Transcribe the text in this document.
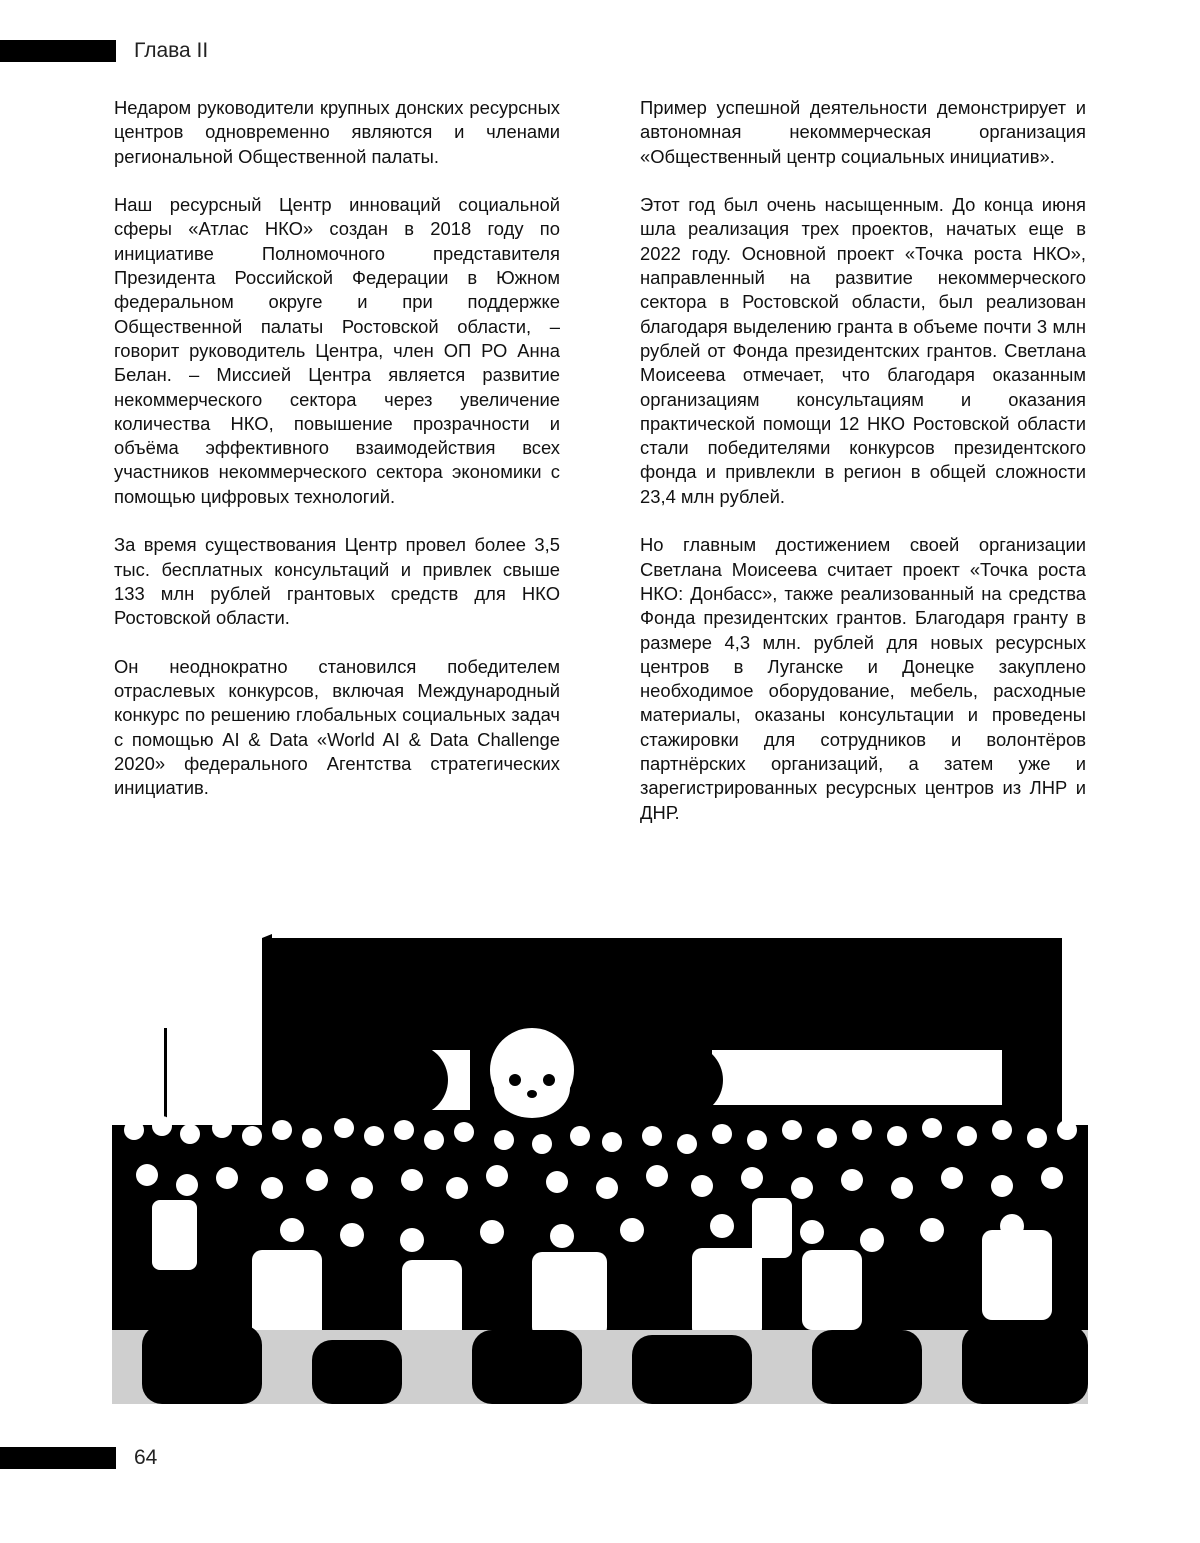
Глава II

Недаром руководители крупных донских ресурсных центров одновременно являются и членами региональной Общественной палаты.

Наш ресурсный Центр инноваций социальной сферы «Атлас НКО» создан в 2018 году по инициативе Полномочного представителя Президента Российской Федерации в Южном федеральном округе и при поддержке Общественной палаты Ростовской области, – говорит руководитель Центра, член ОП РО Анна Белан. – Миссией Центра является развитие некоммерческого сектора через увеличение количества НКО, повышение прозрачности и объёма эффективного взаимодействия всех участников некоммерческого сектора экономики с помощью цифровых технологий.

За время существования Центр провел более 3,5 тыс. бесплатных консультаций и привлек свыше 133 млн рублей грантовых средств для НКО Ростовской области.

Он неоднократно становился победителем отраслевых конкурсов, включая Международный конкурс по решению глобальных социальных задач с помощью AI & Data «World AI & Data Challenge 2020» федерального Агентства стратегических инициатив.

Пример успешной деятельности демонстрирует и автономная некоммерческая организация «Общественный центр социальных инициатив».

Этот год был очень насыщенным. До конца июня шла реализация трех проектов, начатых еще в 2022 году. Основной проект «Точка роста НКО», направленный на развитие некоммерческого сектора в Ростовской области, был реализован благодаря выделению гранта в объеме почти 3 млн рублей от Фонда президентских грантов. Светлана Моисеева отмечает, что благодаря оказанным организациям консультациям и оказания практической помощи 12 НКО Ростовской области стали победителями конкурсов президентского фонда и привлекли в регион в общей сложности 23,4 млн рублей.

Но главным достижением своей организации Светлана Моисеева считает проект «Точка роста НКО: Донбасс», также реализованный на средства Фонда президентских грантов. Благодаря гранту в размере 4,3 млн. рублей для новых ресурсных центров в Луганске и Донецке закуплено необходимое оборудование, мебель, расходные материалы, оказаны консультации и проведены стажировки для сотрудников и волонтёров партнёрских организаций, а затем уже и зарегистрированных ресурсных центров из ЛНР и ДНР.

64
